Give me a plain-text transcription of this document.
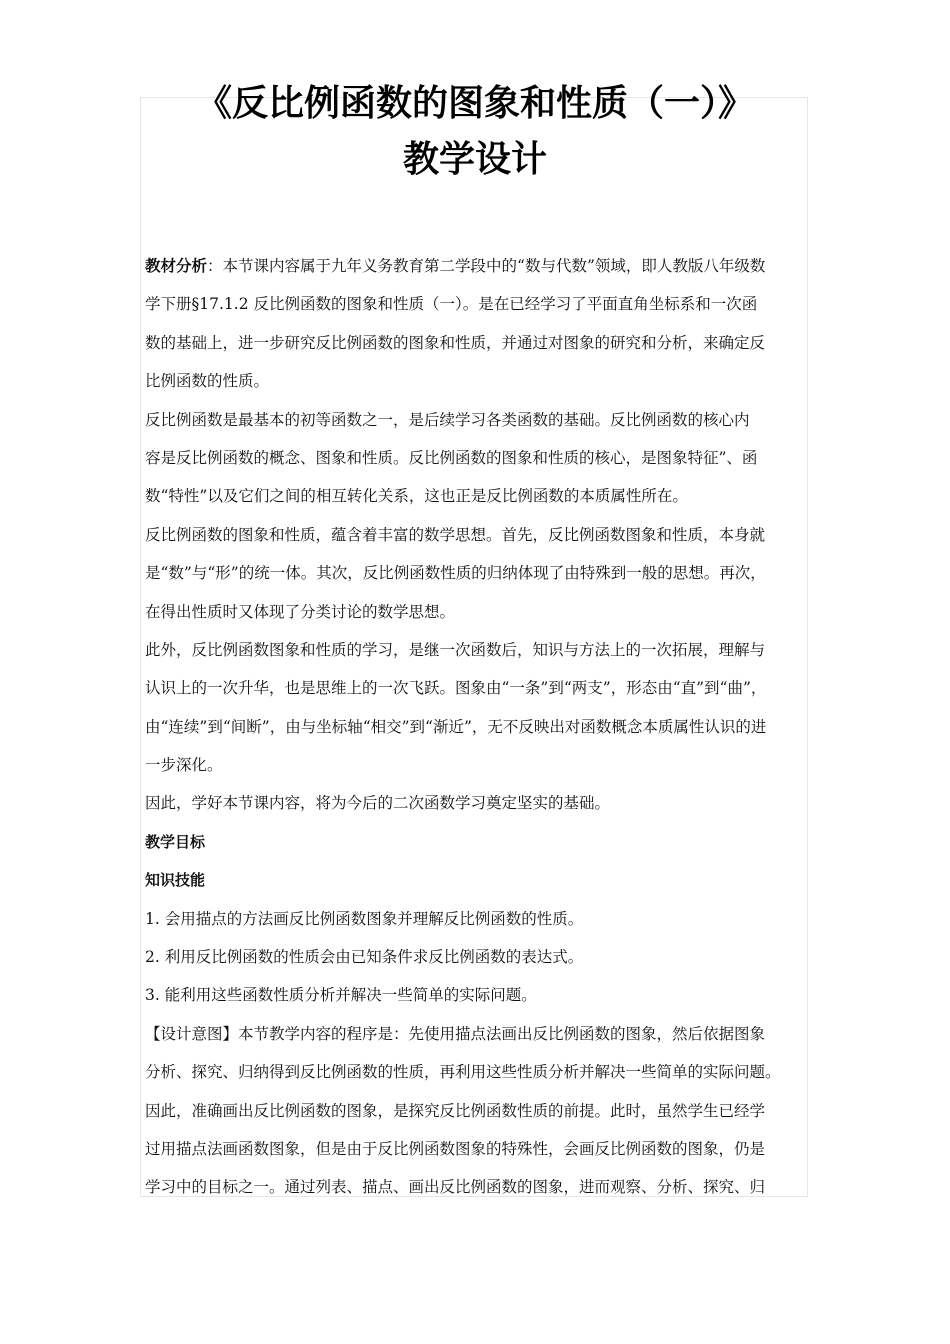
《反比例函数的图象和性质（一）》
教学设计

教材分析：本节课内容属于九年义务教育第二学段中的“数与代数”领域，即人教版八年级数
学下册§17.1.2 反比例函数的图象和性质（一）。是在已经学习了平面直角坐标系和一次函
数的基础上，进一步研究反比例函数的图象和性质，并通过对图象的研究和分析，来确定反
比例函数的性质。

反比例函数是最基本的初等函数之一，是后续学习各类函数的基础。反比例函数的核心内
容是反比例函数的概念、图象和性质。反比例函数的图象和性质的核心，是图象特征”、函
数“特性”以及它们之间的相互转化关系，这也正是反比例函数的本质属性所在。

反比例函数的图象和性质，蕴含着丰富的数学思想。首先，反比例函数图象和性质，本身就
是“数”与“形”的统一体。其次，反比例函数性质的归纳体现了由特殊到一般的思想。再次，
在得出性质时又体现了分类讨论的数学思想。

此外，反比例函数图象和性质的学习，是继一次函数后，知识与方法上的一次拓展，理解与
认识上的一次升华，也是思维上的一次飞跃。图象由“一条”到“两支”，形态由“直”到“曲”，
由“连续”到“间断”，由与坐标轴“相交”到“渐近”，无不反映出对函数概念本质属性认识的进
一步深化。

因此，学好本节课内容，将为今后的二次函数学习奠定坚实的基础。

教学目标

知识技能

1. 会用描点的方法画反比例函数图象并理解反比例函数的性质。
2. 利用反比例函数的性质会由已知条件求反比例函数的表达式。
3. 能利用这些函数性质分析并解决一些简单的实际问题。

【设计意图】本节教学内容的程序是：先使用描点法画出反比例函数的图象，然后依据图象
分析、探究、归纳得到反比例函数的性质，再利用这些性质分析并解决一些简单的实际问题。
因此，准确画出反比例函数的图象，是探究反比例函数性质的前提。此时，虽然学生已经学
过用描点法画函数图象，但是由于反比例函数图象的特殊性，会画反比例函数的图象，仍是
学习中的目标之一。通过列表、描点、画出反比例函数的图象，进而观察、分析、探究、归
